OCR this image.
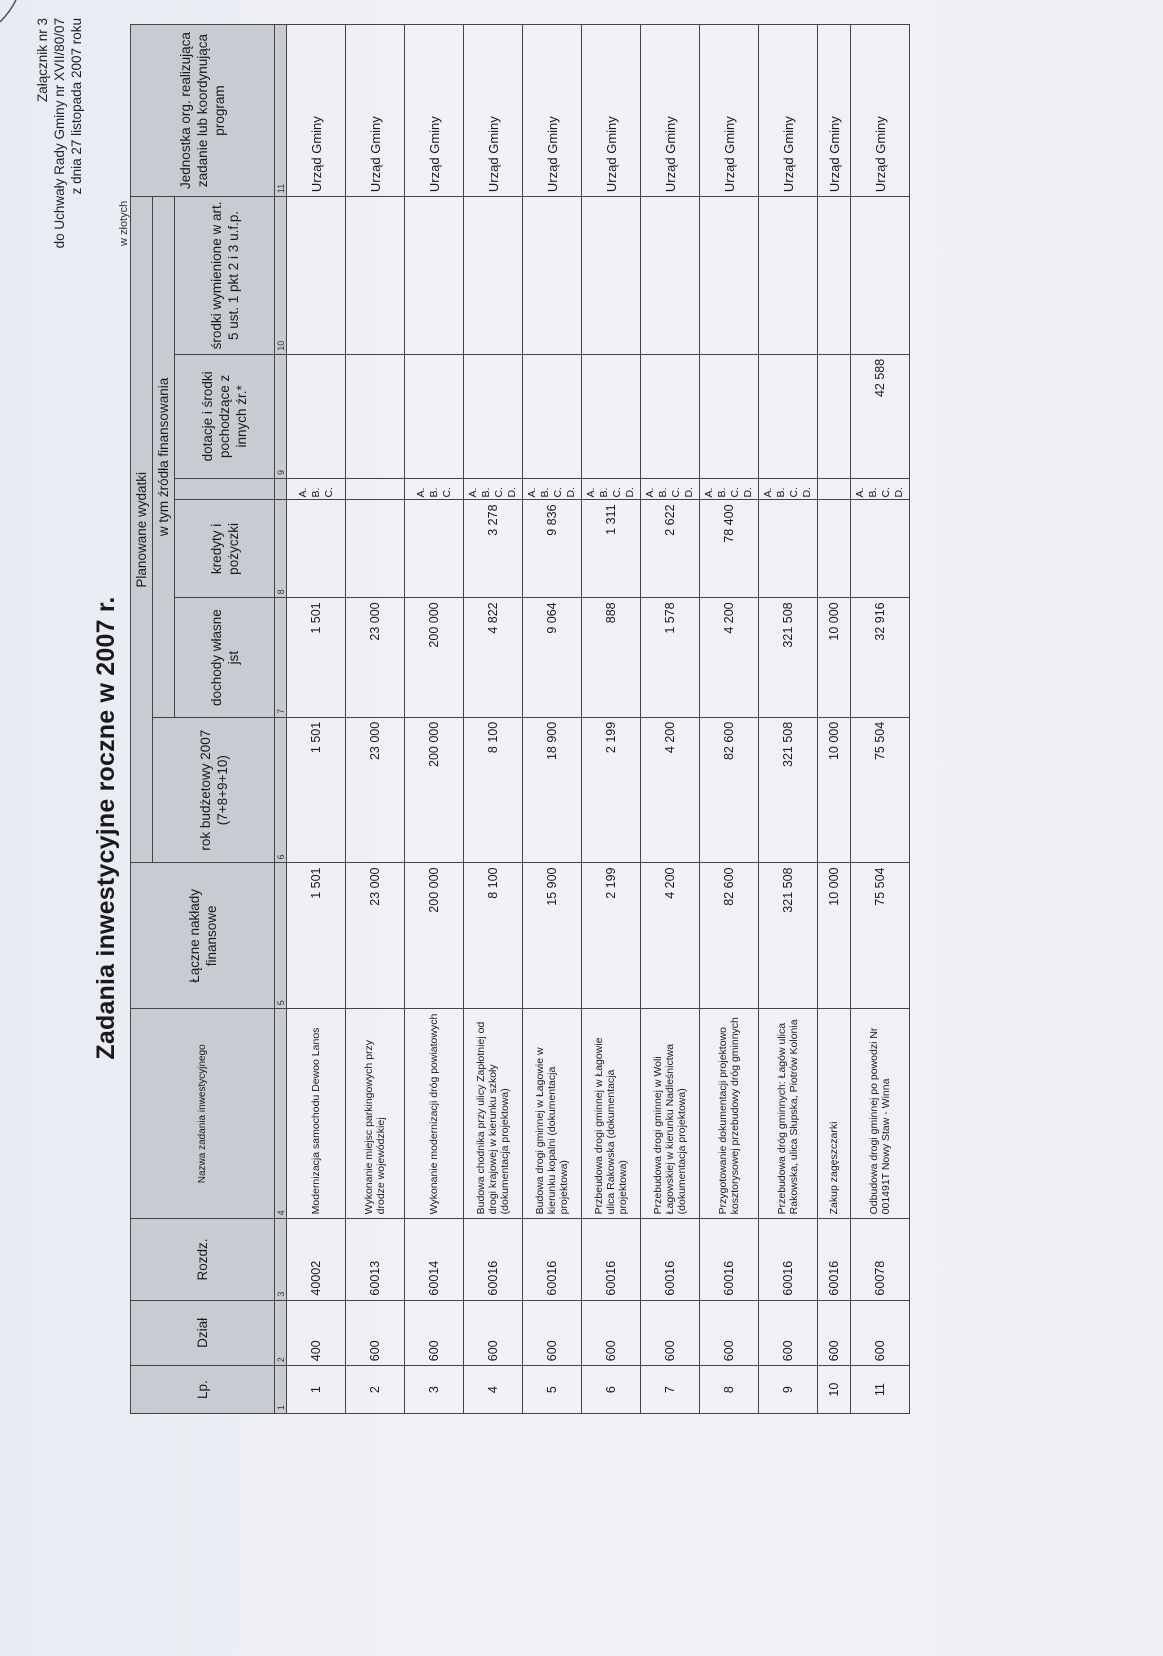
Załącznik nr 3 do Uchwały Rady Gminy nr XVII/80/07 z dnia 27 listopada 2007 roku
Zadania inwestycyjne roczne w 2007 r.
w złotych
Lp.	Dział	Rozdz.	Nazwa zadania inwestycyjnego	Łączne nakłady finansowe	Planowane wydatki						Jednostka org. realizująca zadanie lub koordynująca program
					rok budżetowy 2007 (7+8+9+10)	w tym źródła finansowania					
						dochody własne jst	kredyty i pożyczki		dotacje i środki pochodzące z innych źr.*	środki wymienione w art. 5 ust. 1 pkt 2 i 3 u.f.p.	
1	2	3	4	5	6	7	8		9	10	11
1	400	40002	Modernizacja samochodu Dewoo Lanos	1 501	1 501	1 501		A. B. C.			Urząd Gminy
2	600	60013	Wykonanie miejsc parkingowych przy drodze wojewódzkiej	23 000	23 000	23 000					Urząd Gminy
3	600	60014	Wykonanie modernizacji dróg powiatowych	200 000	200 000	200 000		A. B. C.			Urząd Gminy
4	600	60016	Budowa chodnika przy ulicy Zapłotniej od drogi krajowej w kierunku szkoły (dokumentacja projektowa)	8 100	8 100	4 822	3 278	A. B. C. D.			Urząd Gminy
5	600	60016	Budowa drogi gminnej w Łagowie w kierunku kopalni (dokumentacja projektowa)	15 900	18 900	9 064	9 836	A. B. C. D.			Urząd Gminy
6	600	60016	Przbeudowa drogi gminnej w Łagowie ulica Rakowska (dokumentacja projektowa)	2 199	2 199	888	1 311	A. B. C. D.			Urząd Gminy
7	600	60016	Przebudowa drogi gminnej w Woli Łagowskiej w kierunku Nadleśnictwa (dokumentacja projektowa)	4 200	4 200	1 578	2 622	A. B. C. D.			Urząd Gminy
8	600	60016	Przygotowanie dokumentacji projektowo kosztorysowej przebudowy dróg gminnych	82 600	82 600	4 200	78 400	A. B. C. D.			Urząd Gminy
9	600	60016	Przebudowa dróg gminnych: Łagów ulica Rakowska, ulica Słupska, Piotrów Kolonia	321 508	321 508	321 508		A. B. C. D.			Urząd Gminy
10	600	60016	Zakup zagęszczarki	10 000	10 000	10 000					Urząd Gminy
11	600	60078	Odbudowa drogi gminnej po powodzi Nr 001491T Nowy Staw - Winna	75 504	75 504	32 916		A. B. C. D.	42 588		Urząd Gminy
